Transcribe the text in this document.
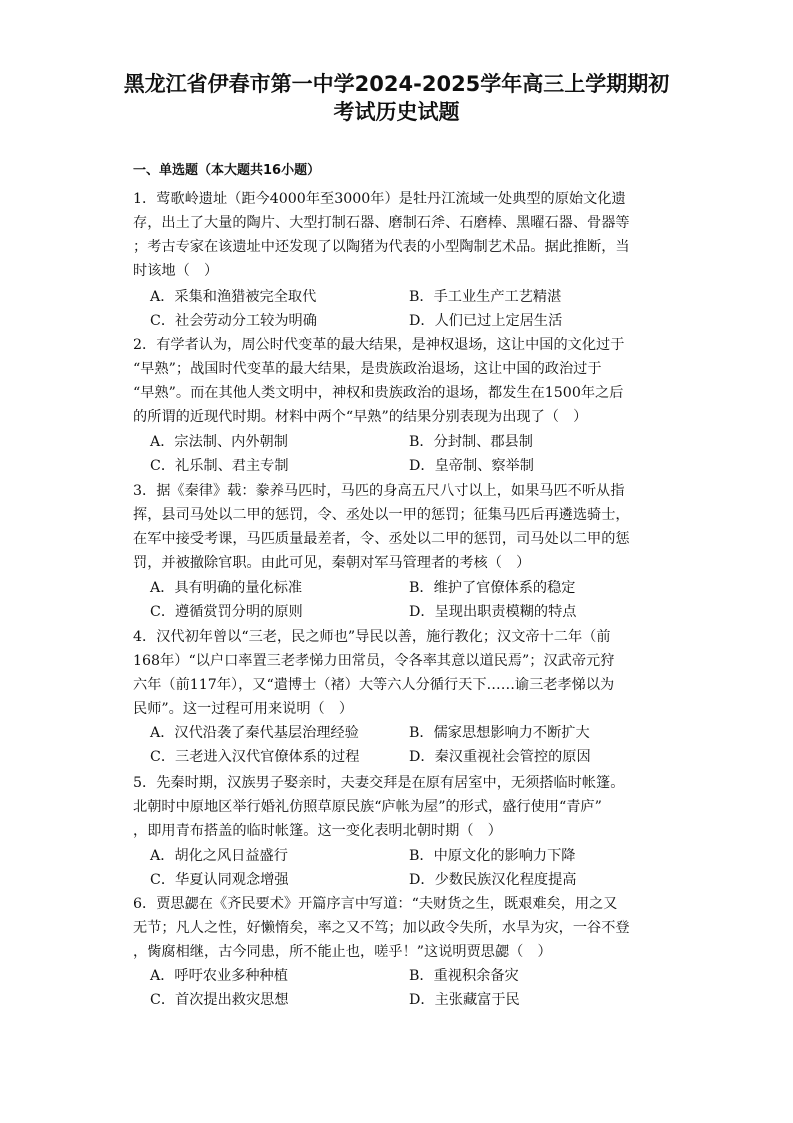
黑龙江省伊春市第一中学2024-2025学年高三上学期期初
考试历史试题
一、单选题（本大题共16小题）
1．莺歌岭遗址（距今4000年至3000年）是牡丹江流域一处典型的原始文化遗
存，出土了大量的陶片、大型打制石器、磨制石斧、石磨棒、黑曜石器、骨器等
；考古专家在该遗址中还发现了以陶猪为代表的小型陶制艺术品。据此推断，当
时该地（　）
A．采集和渔猎被完全取代	B．手工业生产工艺精湛
C．社会劳动分工较为明确	D．人们已过上定居生活
2．有学者认为，周公时代变革的最大结果，是神权退场，这让中国的文化过于
“早熟”；战国时代变革的最大结果，是贵族政治退场，这让中国的政治过于
“早熟”。而在其他人类文明中，神权和贵族政治的退场，都发生在1500年之后
的所谓的近现代时期。材料中两个“早熟”的结果分别表现为出现了（　）
A．宗法制、内外朝制	B．分封制、郡县制
C．礼乐制、君主专制	D．皇帝制、察举制
3．据《秦律》载：豢养马匹时，马匹的身高五尺八寸以上，如果马匹不听从指
挥，县司马处以二甲的惩罚，令、丞处以一甲的惩罚；征集马匹后再遴选骑士，
在军中接受考课，马匹质量最差者，令、丞处以二甲的惩罚，司马处以二甲的惩
罚，并被撤除官职。由此可见，秦朝对军马管理者的考核（　）
A．具有明确的量化标准	B．维护了官僚体系的稳定
C．遵循赏罚分明的原则	D．呈现出职责模糊的特点
4．汉代初年曾以“三老，民之师也”导民以善，施行教化；汉文帝十二年（前
168年）“以户口率置三老孝悌力田常员，令各率其意以道民焉”；汉武帝元狩
六年（前117年），又“遣博士（褚）大等六人分循行天下……谕三老孝悌以为
民师”。这一过程可用来说明（　）
A．汉代沿袭了秦代基层治理经验	B．儒家思想影响力不断扩大
C．三老进入汉代官僚体系的过程	D．秦汉重视社会管控的原因
5．先秦时期，汉族男子娶亲时，夫妻交拜是在原有居室中，无须搭临时帐篷。
北朝时中原地区举行婚礼仿照草原民族“庐帐为屋”的形式，盛行使用“青庐”
，即用青布搭盖的临时帐篷。这一变化表明北朝时期（　）
A．胡化之风日益盛行	B．中原文化的影响力下降
C．华夏认同观念增强	D．少数民族汉化程度提高
6．贾思勰在《齐民要术》开篇序言中写道：“夫财货之生，既艰难矣，用之又
无节；凡人之性，好懒惰矣，率之又不笃；加以政令失所，水旱为灾，一谷不登
，胔腐相继，古今同患，所不能止也，嗟乎！”这说明贾思勰（　）
A．呼吁农业多种种植	B．重视积余备灾
C．首次提出救灾思想	D．主张藏富于民
